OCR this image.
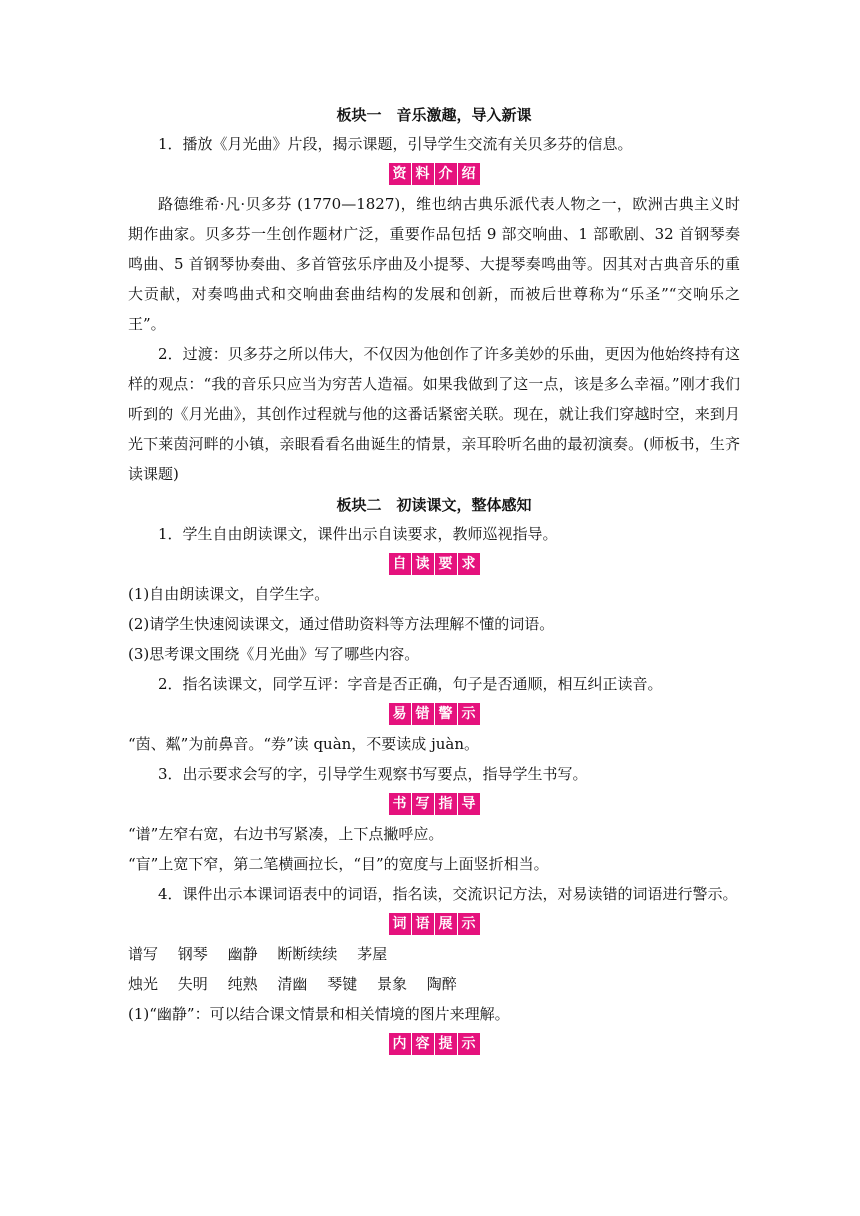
板块一　音乐激趣，导入新课
1．播放《月光曲》片段，揭示课题，引导学生交流有关贝多芬的信息。
资 料 介 绍
路德维希·凡·贝多芬 (1770—1827)，维也纳古典乐派代表人物之一，欧洲古典主义时期作曲家。贝多芬一生创作题材广泛，重要作品包括 9 部交响曲、1 部歌剧、32 首钢琴奏鸣曲、5 首钢琴协奏曲、多首管弦乐序曲及小提琴、大提琴奏鸣曲等。因其对古典音乐的重大贡献，对奏鸣曲式和交响曲套曲结构的发展和创新，而被后世尊称为“乐圣”“交响乐之王”。
2．过渡：贝多芬之所以伟大，不仅因为他创作了许多美妙的乐曲，更因为他始终持有这样的观点：“我的音乐只应当为穷苦人造福。如果我做到了这一点，该是多么幸福。”刚才我们听到的《月光曲》，其创作过程就与他的这番话紧密关联。现在，就让我们穿越时空，来到月光下莱茵河畔的小镇，亲眼看看名曲诞生的情景，亲耳聆听名曲的最初演奏。(师板书，生齐读课题)
板块二　初读课文，整体感知
1．学生自由朗读课文，课件出示自读要求，教师巡视指导。
自 读 要 求
(1)自由朗读课文，自学生字。
(2)请学生快速阅读课文，通过借助资料等方法理解不懂的词语。
(3)思考课文围绕《月光曲》写了哪些内容。
2．指名读课文，同学互评：字音是否正确，句子是否通顺，相互纠正读音。
易 错 警 示
“茵、粼”为前鼻音。“券”读 quàn，不要读成 juàn。
3．出示要求会写的字，引导学生观察书写要点，指导学生书写。
书 写 指 导
“谱”左窄右宽，右边书写紧凑，上下点撇呼应。
“盲”上宽下窄，第二笔横画拉长，“目”的宽度与上面竖折相当。
4．课件出示本课词语表中的词语，指名读，交流识记方法，对易读错的词语进行警示。
词 语 展 示
谱写 钢琴 幽静 断断续续 茅屋
烛光 失明 纯熟 清幽 琴键 景象 陶醉
(1)“幽静”：可以结合课文情景和相关情境的图片来理解。
内 容 提 示
